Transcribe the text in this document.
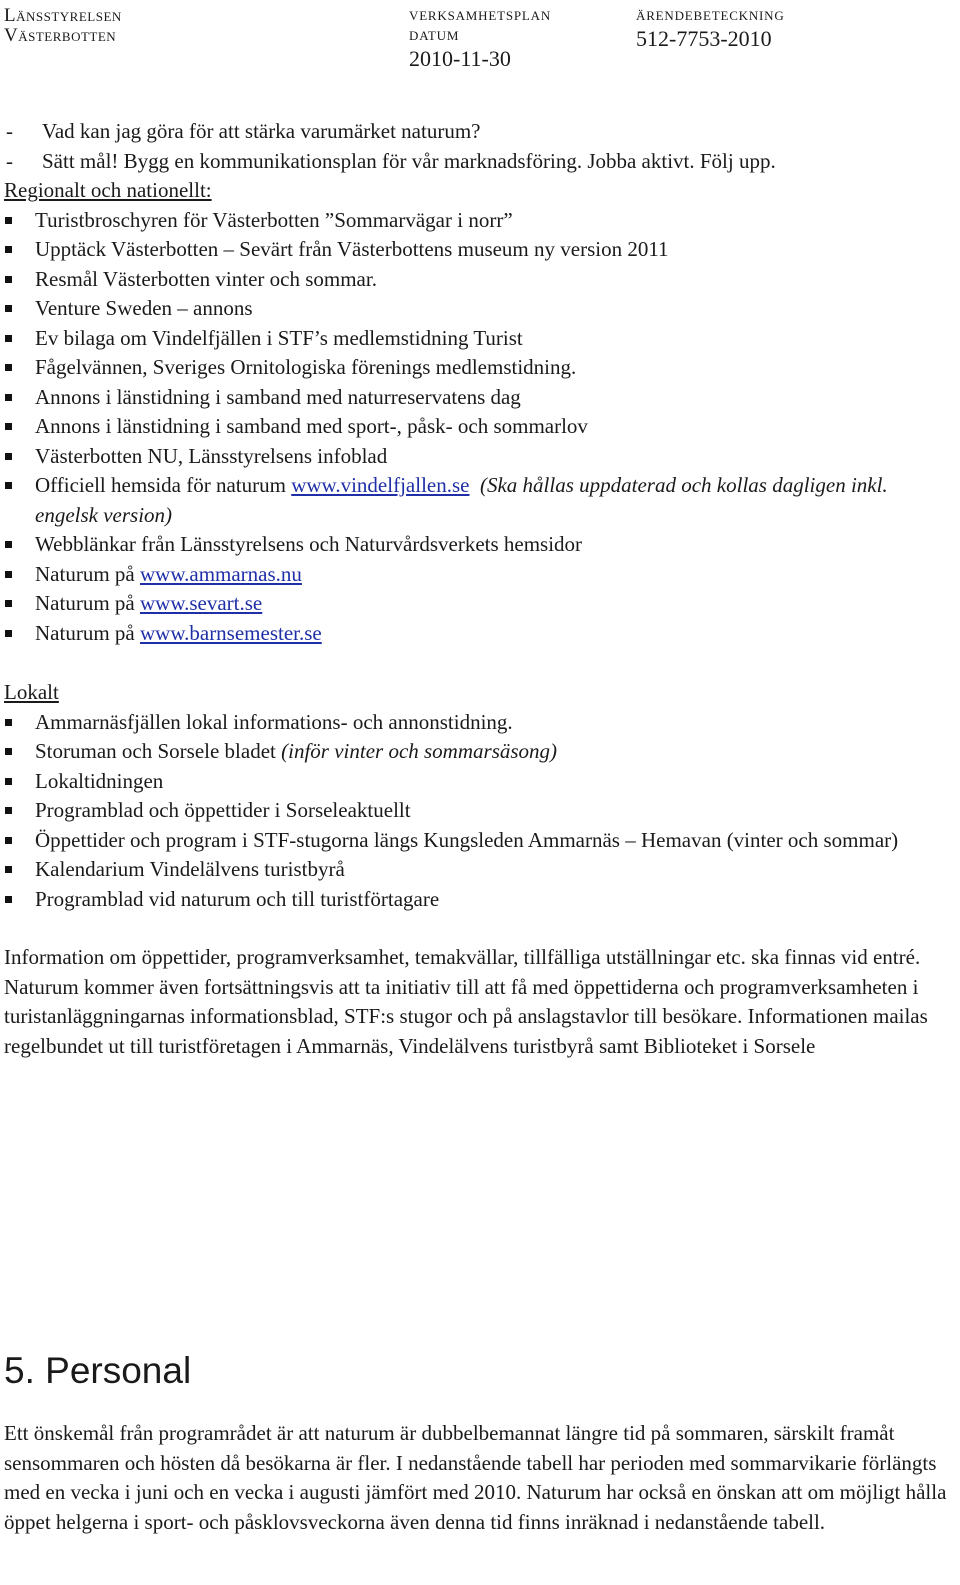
Länsstyrelsen
Västerbotten
VERKSAMHETSPLAN
DATUM
2010-11-30
ÄRENDEBETECKNING
512-7753-2010
- Vad kan jag göra för att stärka varumärket naturum?
- Sätt mål! Bygg en kommunikationsplan för vår marknadsföring. Jobba aktivt. Följ upp.
Regionalt och nationellt:
Turistbroschyren för Västerbotten ”Sommarvägar i norr”
Upptäck Västerbotten – Sevärt från Västerbottens museum ny version 2011
Resmål Västerbotten vinter och sommar.
Venture Sweden – annons
Ev bilaga om Vindelfjällen i STF’s medlemstidning Turist
Fågelvännen, Sveriges Ornitologiska förenings medlemstidning.
Annons i länstidning i samband med naturreservatens dag
Annons i länstidning i samband med sport-, påsk- och sommarlov
Västerbotten NU, Länsstyrelsens infoblad
Officiell hemsida för naturum www.vindelfjallen.se (Ska hållas uppdaterad och kollas dagligen inkl. engelsk version)
Webblänkar från Länsstyrelsens och Naturvårdsverkets hemsidor
Naturum på www.ammarnas.nu
Naturum på www.sevart.se
Naturum på www.barnsemester.se
Lokalt
Ammarnäsfjällen lokal informations- och annonstidning.
Storuman och Sorsele bladet (inför vinter och sommarsäsong)
Lokaltidningen
Programblad och öppettider i Sorseleaktuellt
Öppettider och program i STF-stugorna längs Kungsleden Ammarnäs – Hemavan (vinter och sommar)
Kalendarium Vindelälvens turistbyrå
Programblad vid naturum och till turistförtagare

Information om öppettider, programverksamhet, temakvällar, tillfälliga utställningar etc. ska finnas vid entré. Naturum kommer även fortsättningsvis att ta initiativ till att få med öppettiderna och programverksamheten i turistanläggningarnas informationsblad, STF:s stugor och på anslagstavlor till besökare. Informationen mailas regelbundet ut till turistföretagen i Ammarnäs, Vindelälvens turistbyrå samt Biblioteket i Sorsele

5. Personal

Ett önskemål från programrådet är att naturum är dubbelbemannat längre tid på sommaren, särskilt framåt sensommaren och hösten då besökarna är fler. I nedanstående tabell har perioden med sommarvikarie förlängts med en vecka i juni och en vecka i augusti jämfört med 2010. Naturum har också en önskan att om möjligt hålla öppet helgerna i sport- och påsklovsveckorna även denna tid finns inräknad i nedanstående tabell.
